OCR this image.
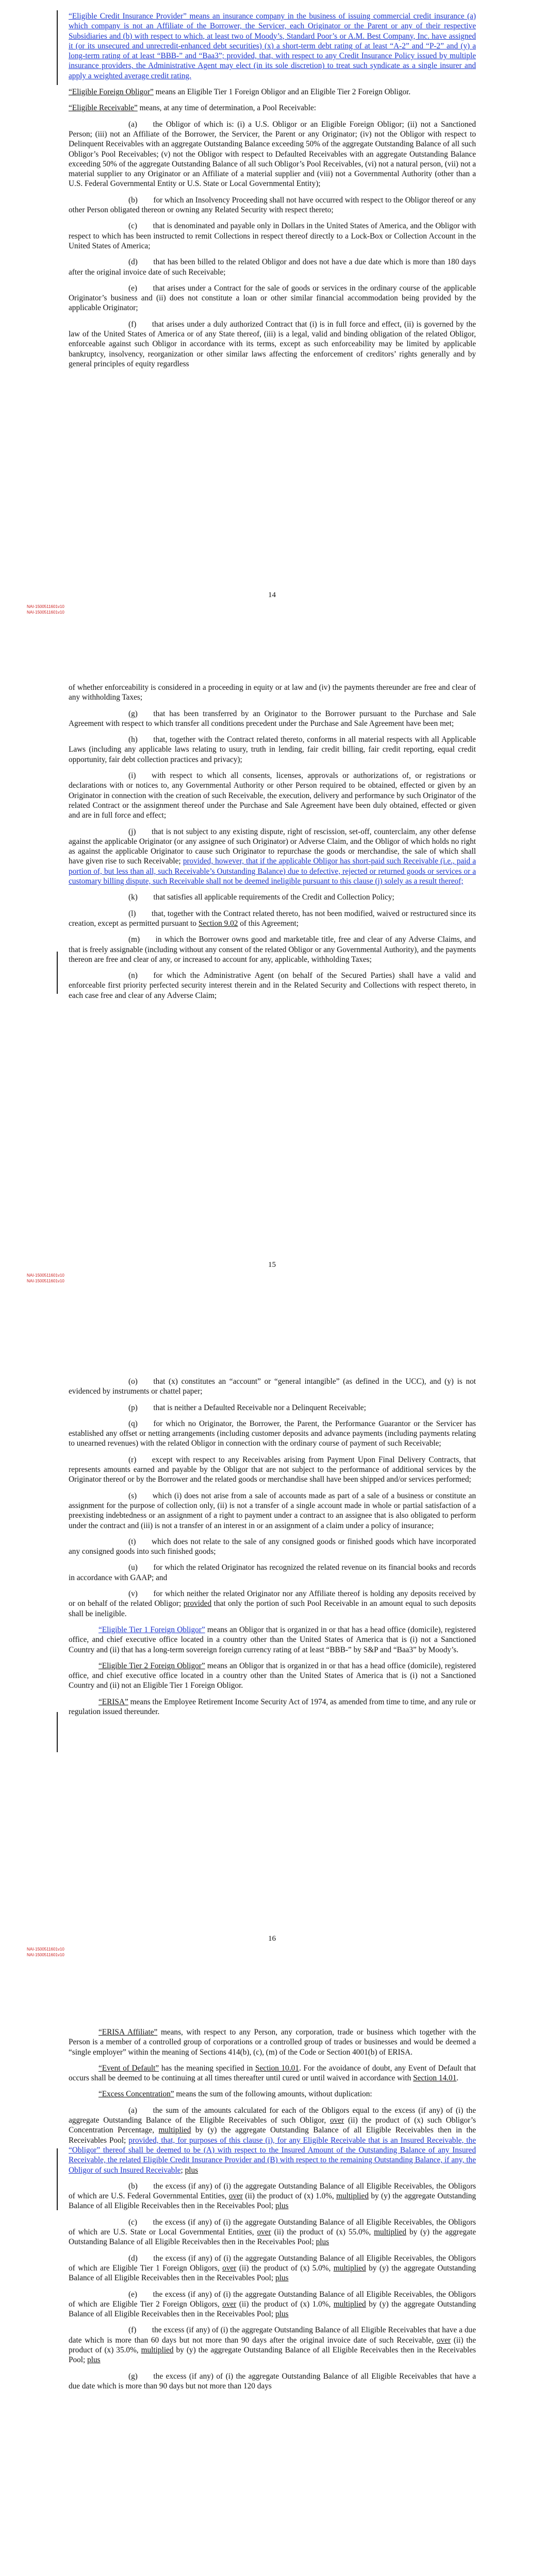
“Eligible Credit Insurance Provider” means an insurance company in the business of issuing commercial credit insurance (a) which company is not an Affiliate of the Borrower, the Servicer, each Originator or the Parent or any of their respective Subsidiaries and (b) with respect to which, at least two of Moody’s, Standard Poor’s or A.M. Best Company, Inc. have assigned it (or its unsecured and unrecredit-enhanced debt securities) (x) a short-term debt rating of at least “A-2” and “P-2” and (y) a long-term rating of at least “BBB-” and “Baa3”; provided, that, with respect to any Credit Insurance Policy issued by multiple insurance providers, the Administrative Agent may elect (in its sole discretion) to treat such syndicate as a single insurer and apply a weighted average credit rating.

“Eligible Foreign Obligor” means an Eligible Tier 1 Foreign Obligor and an Eligible Tier 2 Foreign Obligor.

“Eligible Receivable” means, at any time of determination, a Pool Receivable:

(a)  the Obligor of which is: (i) a U.S. Obligor or an Eligible Foreign Obligor; (ii) not a Sanctioned Person; (iii) not an Affiliate of the Borrower, the Servicer, the Parent or any Originator; (iv) not the Obligor with respect to Delinquent Receivables with an aggregate Outstanding Balance exceeding 50% of the aggregate Outstanding Balance of all such Obligor’s Pool Receivables; (v) not the Obligor with respect to Defaulted Receivables with an aggregate Outstanding Balance exceeding 50% of the aggregate Outstanding Balance of all such Obligor’s Pool Receivables, (vi) not a natural person, (vii) not a material supplier to any Originator or an Affiliate of a material supplier and (viii) not a Governmental Authority (other than a U.S. Federal Governmental Entity or U.S. State or Local Governmental Entity);

(b)  for which an Insolvency Proceeding shall not have occurred with respect to the Obligor thereof or any other Person obligated thereon or owning any Related Security with respect thereto;

(c)  that is denominated and payable only in Dollars in the United States of America, and the Obligor with respect to which has been instructed to remit Collections in respect thereof directly to a Lock-Box or Collection Account in the United States of America;

(d)  that has been billed to the related Obligor and does not have a due date which is more than 180 days after the original invoice date of such Receivable;

(e)  that arises under a Contract for the sale of goods or services in the ordinary course of the applicable Originator’s business and (ii) does not constitute a loan or other similar financial accommodation being provided by the applicable Originator;

(f)  that arises under a duly authorized Contract that (i) is in full force and effect, (ii) is governed by the law of the United States of America or of any State thereof, (iii) is a legal, valid and binding obligation of the related Obligor, enforceable against such Obligor in accordance with its terms, except as such enforceability may be limited by applicable bankruptcy, insolvency, reorganization or other similar laws affecting the enforcement of creditors’ rights generally and by general principles of equity regardless

14
NAI-1500511601v10
NAI-1500511601v10

of whether enforceability is considered in a proceeding in equity or at law and (iv) the payments thereunder are free and clear of any withholding Taxes;

(g)  that has been transferred by an Originator to the Borrower pursuant to the Purchase and Sale Agreement with respect to which transfer all conditions precedent under the Purchase and Sale Agreement have been met;

(h)  that, together with the Contract related thereto, conforms in all material respects with all Applicable Laws (including any applicable laws relating to usury, truth in lending, fair credit billing, fair credit reporting, equal credit opportunity, fair debt collection practices and privacy);

(i)  with respect to which all consents, licenses, approvals or authorizations of, or registrations or declarations with or notices to, any Governmental Authority or other Person required to be obtained, effected or given by an Originator in connection with the creation of such Receivable, the execution, delivery and performance by such Originator of the related Contract or the assignment thereof under the Purchase and Sale Agreement have been duly obtained, effected or given and are in full force and effect;

(j)  that is not subject to any existing dispute, right of rescission, set-off, counterclaim, any other defense against the applicable Originator (or any assignee of such Originator) or Adverse Claim, and the Obligor of which holds no right as against the applicable Originator to cause such Originator to repurchase the goods or merchandise, the sale of which shall have given rise to such Receivable; provided, however, that if the applicable Obligor has short-paid such Receivable (i.e., paid a portion of, but less than all, such Receivable’s Outstanding Balance) due to defective, rejected or returned goods or services or a customary billing dispute, such Receivable shall not be deemed ineligible pursuant to this clause (j) solely as a result thereof;

(k)  that satisfies all applicable requirements of the Credit and Collection Policy;

(l)  that, together with the Contract related thereto, has not been modified, waived or restructured since its creation, except as permitted pursuant to Section 9.02 of this Agreement;

(m)  in which the Borrower owns good and marketable title, free and clear of any Adverse Claims, and that is freely assignable (including without any consent of the related Obligor or any Governmental Authority), and the payments thereon are free and clear of any, or increased to account for any, applicable, withholding Taxes;

(n)  for which the Administrative Agent (on behalf of the Secured Parties) shall have a valid and enforceable first priority perfected security interest therein and in the Related Security and Collections with respect thereto, in each case free and clear of any Adverse Claim;

15
NAI-1500511601v10
NAI-1500511601v10

(o)  that (x) constitutes an “account” or “general intangible” (as defined in the UCC), and (y) is not evidenced by instruments or chattel paper;

(p)  that is neither a Defaulted Receivable nor a Delinquent Receivable;

(q)  for which no Originator, the Borrower, the Parent, the Performance Guarantor or the Servicer has established any offset or netting arrangements (including customer deposits and advance payments (including payments relating to unearned revenues) with the related Obligor in connection with the ordinary course of payment of such Receivable;

(r)  except with respect to any Receivables arising from Payment Upon Final Delivery Contracts, that represents amounts earned and payable by the Obligor that are not subject to the performance of additional services by the Originator thereof or by the Borrower and the related goods or merchandise shall have been shipped and/or services performed;

(s)  which (i) does not arise from a sale of accounts made as part of a sale of a business or constitute an assignment for the purpose of collection only, (ii) is not a transfer of a single account made in whole or partial satisfaction of a preexisting indebtedness or an assignment of a right to payment under a contract to an assignee that is also obligated to perform under the contract and (iii) is not a transfer of an interest in or an assignment of a claim under a policy of insurance;

(t)  which does not relate to the sale of any consigned goods or finished goods which have incorporated any consigned goods into such finished goods;

(u)  for which the related Originator has recognized the related revenue on its financial books and records in accordance with GAAP; and

(v)  for which neither the related Originator nor any Affiliate thereof is holding any deposits received by or on behalf of the related Obligor; provided that only the portion of such Pool Receivable in an amount equal to such deposits shall be ineligible.

“Eligible Tier 1 Foreign Obligor” means an Obligor that is organized in or that has a head office (domicile), registered office, and chief executive office located in a country other than the United States of America that is (i) not a Sanctioned Country and (ii) that has a long-term sovereign foreign currency rating of at least “BBB-” by S&P and “Baa3” by Moody’s.

“Eligible Tier 2 Foreign Obligor” means an Obligor that is organized in or that has a head office (domicile), registered office, and chief executive office located in a country other than the United States of America that is (i) not a Sanctioned Country and (ii) not an Eligible Tier 1 Foreign Obligor.

“ERISA” means the Employee Retirement Income Security Act of 1974, as amended from time to time, and any rule or regulation issued thereunder.

16
NAI-1500511601v10
NAI-1500511601v10

“ERISA Affiliate” means, with respect to any Person, any corporation, trade or business which together with the Person is a member of a controlled group of corporations or a controlled group of trades or businesses and would be deemed a “single employer” within the meaning of Sections 414(b), (c), (m) of the Code or Section 4001(b) of ERISA.

“Event of Default” has the meaning specified in Section 10.01. For the avoidance of doubt, any Event of Default that occurs shall be deemed to be continuing at all times thereafter until cured or until waived in accordance with Section 14.01.

“Excess Concentration” means the sum of the following amounts, without duplication:

(a)  the sum of the amounts calculated for each of the Obligors equal to the excess (if any) of (i) the aggregate Outstanding Balance of the Eligible Receivables of such Obligor, over (ii) the product of (x) such Obligor’s Concentration Percentage, multiplied by (y) the aggregate Outstanding Balance of all Eligible Receivables then in the Receivables Pool; provided, that, for purposes of this clause (i), for any Eligible Receivable that is an Insured Receivable, the “Obligor” thereof shall be deemed to be (A) with respect to the Insured Amount of the Outstanding Balance of any Insured Receivable, the related Eligible Credit Insurance Provider and (B) with respect to the remaining Outstanding Balance, if any, the Obligor of such Insured Receivable; plus

(b)  the excess (if any) of (i) the aggregate Outstanding Balance of all Eligible Receivables, the Obligors of which are U.S. Federal Governmental Entities, over (ii) the product of (x) 1.0%, multiplied by (y) the aggregate Outstanding Balance of all Eligible Receivables then in the Receivables Pool; plus

(c)  the excess (if any) of (i) the aggregate Outstanding Balance of all Eligible Receivables, the Obligors of which are U.S. State or Local Governmental Entities, over (ii) the product of (x) 55.0%, multiplied by (y) the aggregate Outstanding Balance of all Eligible Receivables then in the Receivables Pool; plus

(d)  the excess (if any) of (i) the aggregate Outstanding Balance of all Eligible Receivables, the Obligors of which are Eligible Tier 1 Foreign Obligors, over (ii) the product of (x) 5.0%, multiplied by (y) the aggregate Outstanding Balance of all Eligible Receivables then in the Receivables Pool; plus

(e)  the excess (if any) of (i) the aggregate Outstanding Balance of all Eligible Receivables, the Obligors of which are Eligible Tier 2 Foreign Obligors, over (ii) the product of (x) 1.0%, multiplied by (y) the aggregate Outstanding Balance of all Eligible Receivables then in the Receivables Pool; plus

(f)  the excess (if any) of (i) the aggregate Outstanding Balance of all Eligible Receivables that have a due date which is more than 60 days but not more than 90 days after the original invoice date of such Receivable, over (ii) the product of (x) 35.0%, multiplied by (y) the aggregate Outstanding Balance of all Eligible Receivables then in the Receivables Pool; plus

(g)  the excess (if any) of (i) the aggregate Outstanding Balance of all Eligible Receivables that have a due date which is more than 90 days but not more than 120 days
